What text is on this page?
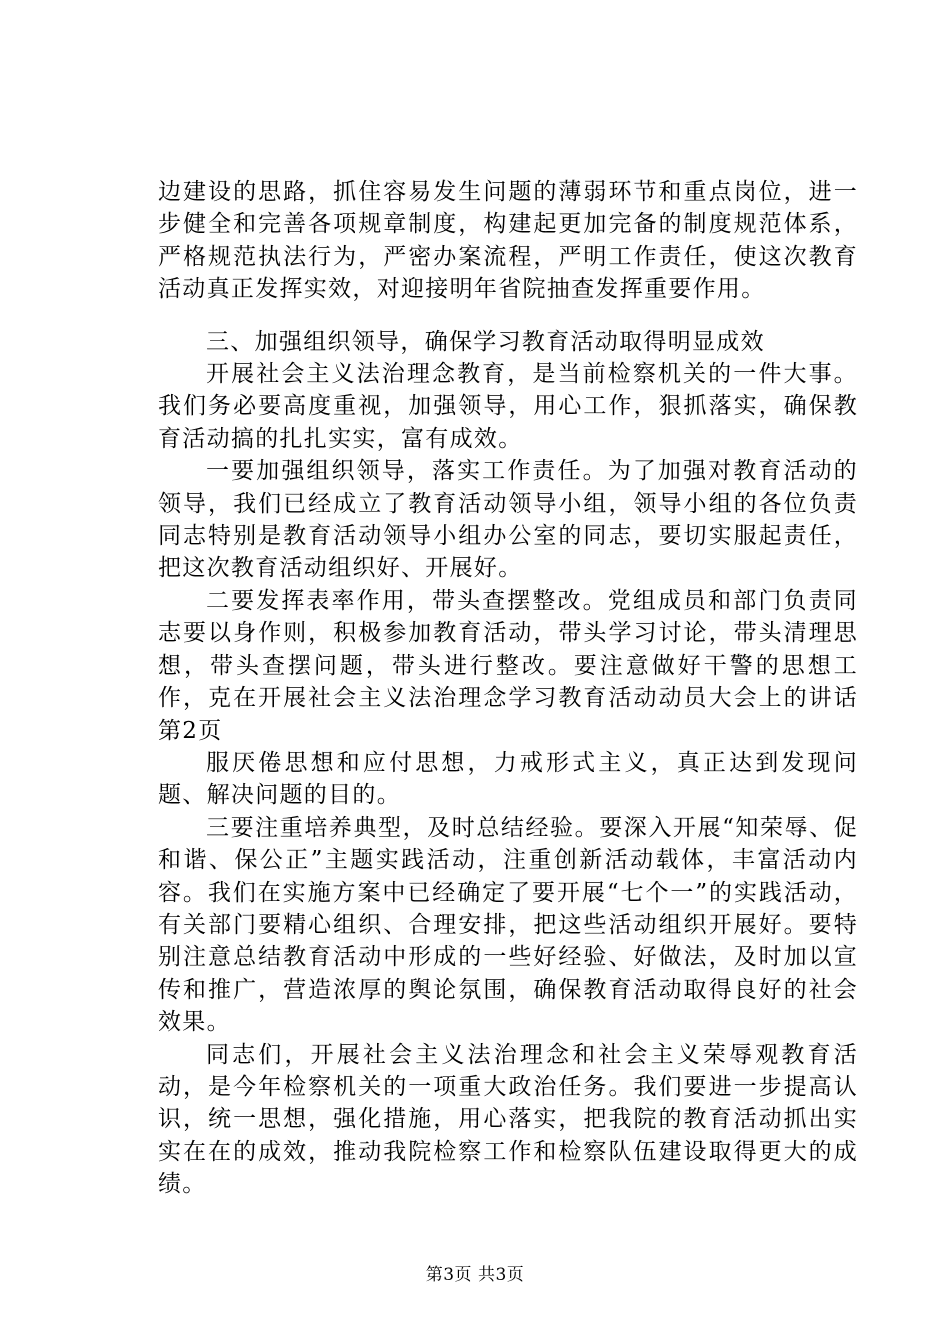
边建设的思路，抓住容易发生问题的薄弱环节和重点岗位，进一步健全和完善各项规章制度，构建起更加完备的制度规范体系，严格规范执法行为，严密办案流程，严明工作责任，使这次教育活动真正发挥实效，对迎接明年省院抽查发挥重要作用。

三、加强组织领导，确保学习教育活动取得明显成效

开展社会主义法治理念教育，是当前检察机关的一件大事。我们务必要高度重视，加强领导，用心工作，狠抓落实，确保教育活动搞的扎扎实实，富有成效。

一要加强组织领导，落实工作责任。为了加强对教育活动的领导，我们已经成立了教育活动领导小组，领导小组的各位负责同志特别是教育活动领导小组办公室的同志，要切实服起责任，把这次教育活动组织好、开展好。

二要发挥表率作用，带头查摆整改。党组成员和部门负责同志要以身作则，积极参加教育活动，带头学习讨论，带头清理思想，带头查摆问题，带头进行整改。要注意做好干警的思想工作，克在开展社会主义法治理念学习教育活动动员大会上的讲话第2页

服厌倦思想和应付思想，力戒形式主义，真正达到发现问题、解决问题的目的。

三要注重培养典型，及时总结经验。要深入开展“知荣辱、促和谐、保公正”主题实践活动，注重创新活动载体，丰富活动内容。我们在实施方案中已经确定了要开展“七个一”的实践活动，有关部门要精心组织、合理安排，把这些活动组织开展好。要特别注意总结教育活动中形成的一些好经验、好做法，及时加以宣传和推广，营造浓厚的舆论氛围，确保教育活动取得良好的社会效果。

同志们，开展社会主义法治理念和社会主义荣辱观教育活动，是今年检察机关的一项重大政治任务。我们要进一步提高认识，统一思想，强化措施，用心落实，把我院的教育活动抓出实实在在的成效，推动我院检察工作和检察队伍建设取得更大的成绩。

第3页 共3页
